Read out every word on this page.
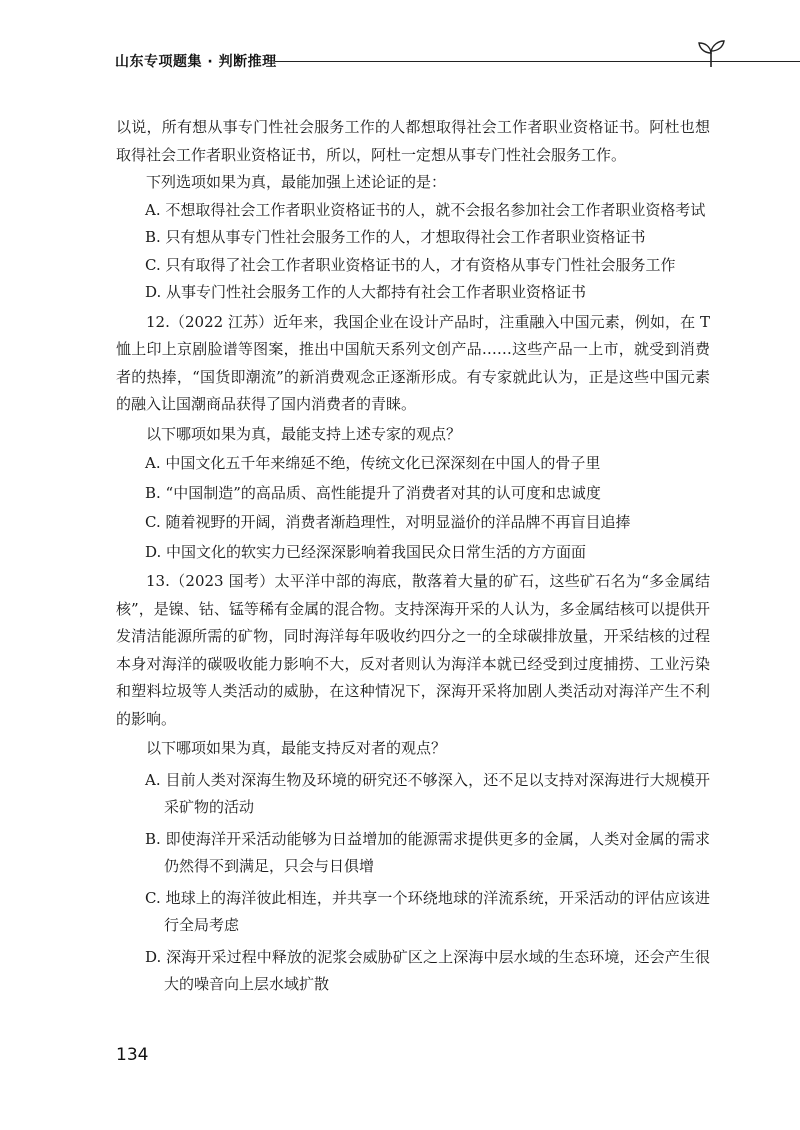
山东专项题集 · 判断推理

以说，所有想从事专门性社会服务工作的人都想取得社会工作者职业资格证书。阿杜也想取得社会工作者职业资格证书，所以，阿杜一定想从事专门性社会服务工作。

下列选项如果为真，最能加强上述论证的是：

A. 不想取得社会工作者职业资格证书的人，就不会报名参加社会工作者职业资格考试

B. 只有想从事专门性社会服务工作的人，才想取得社会工作者职业资格证书

C. 只有取得了社会工作者职业资格证书的人，才有资格从事专门性社会服务工作

D. 从事专门性社会服务工作的人大都持有社会工作者职业资格证书

12.（2022 江苏）近年来，我国企业在设计产品时，注重融入中国元素，例如，在 T 恤上印上京剧脸谱等图案，推出中国航天系列文创产品……这些产品一上市，就受到消费者的热捧，“国货即潮流”的新消费观念正逐渐形成。有专家就此认为，正是这些中国元素的融入让国潮商品获得了国内消费者的青睐。

以下哪项如果为真，最能支持上述专家的观点？

A. 中国文化五千年来绵延不绝，传统文化已深深刻在中国人的骨子里

B. “中国制造”的高品质、高性能提升了消费者对其的认可度和忠诚度

C. 随着视野的开阔，消费者渐趋理性，对明显溢价的洋品牌不再盲目追捧

D. 中国文化的软实力已经深深影响着我国民众日常生活的方方面面

13.（2023 国考）太平洋中部的海底，散落着大量的矿石，这些矿石名为“多金属结核”，是镍、钴、锰等稀有金属的混合物。支持深海开采的人认为，多金属结核可以提供开发清洁能源所需的矿物，同时海洋每年吸收约四分之一的全球碳排放量，开采结核的过程本身对海洋的碳吸收能力影响不大，反对者则认为海洋本就已经受到过度捕捞、工业污染和塑料垃圾等人类活动的威胁，在这种情况下，深海开采将加剧人类活动对海洋产生不利的影响。

以下哪项如果为真，最能支持反对者的观点？

A. 目前人类对深海生物及环境的研究还不够深入，还不足以支持对深海进行大规模开采矿物的活动

B. 即使海洋开采活动能够为日益增加的能源需求提供更多的金属，人类对金属的需求仍然得不到满足，只会与日俱增

C. 地球上的海洋彼此相连，并共享一个环绕地球的洋流系统，开采活动的评估应该进行全局考虑

D. 深海开采过程中释放的泥浆会威胁矿区之上深海中层水域的生态环境，还会产生很大的噪音向上层水域扩散

134
